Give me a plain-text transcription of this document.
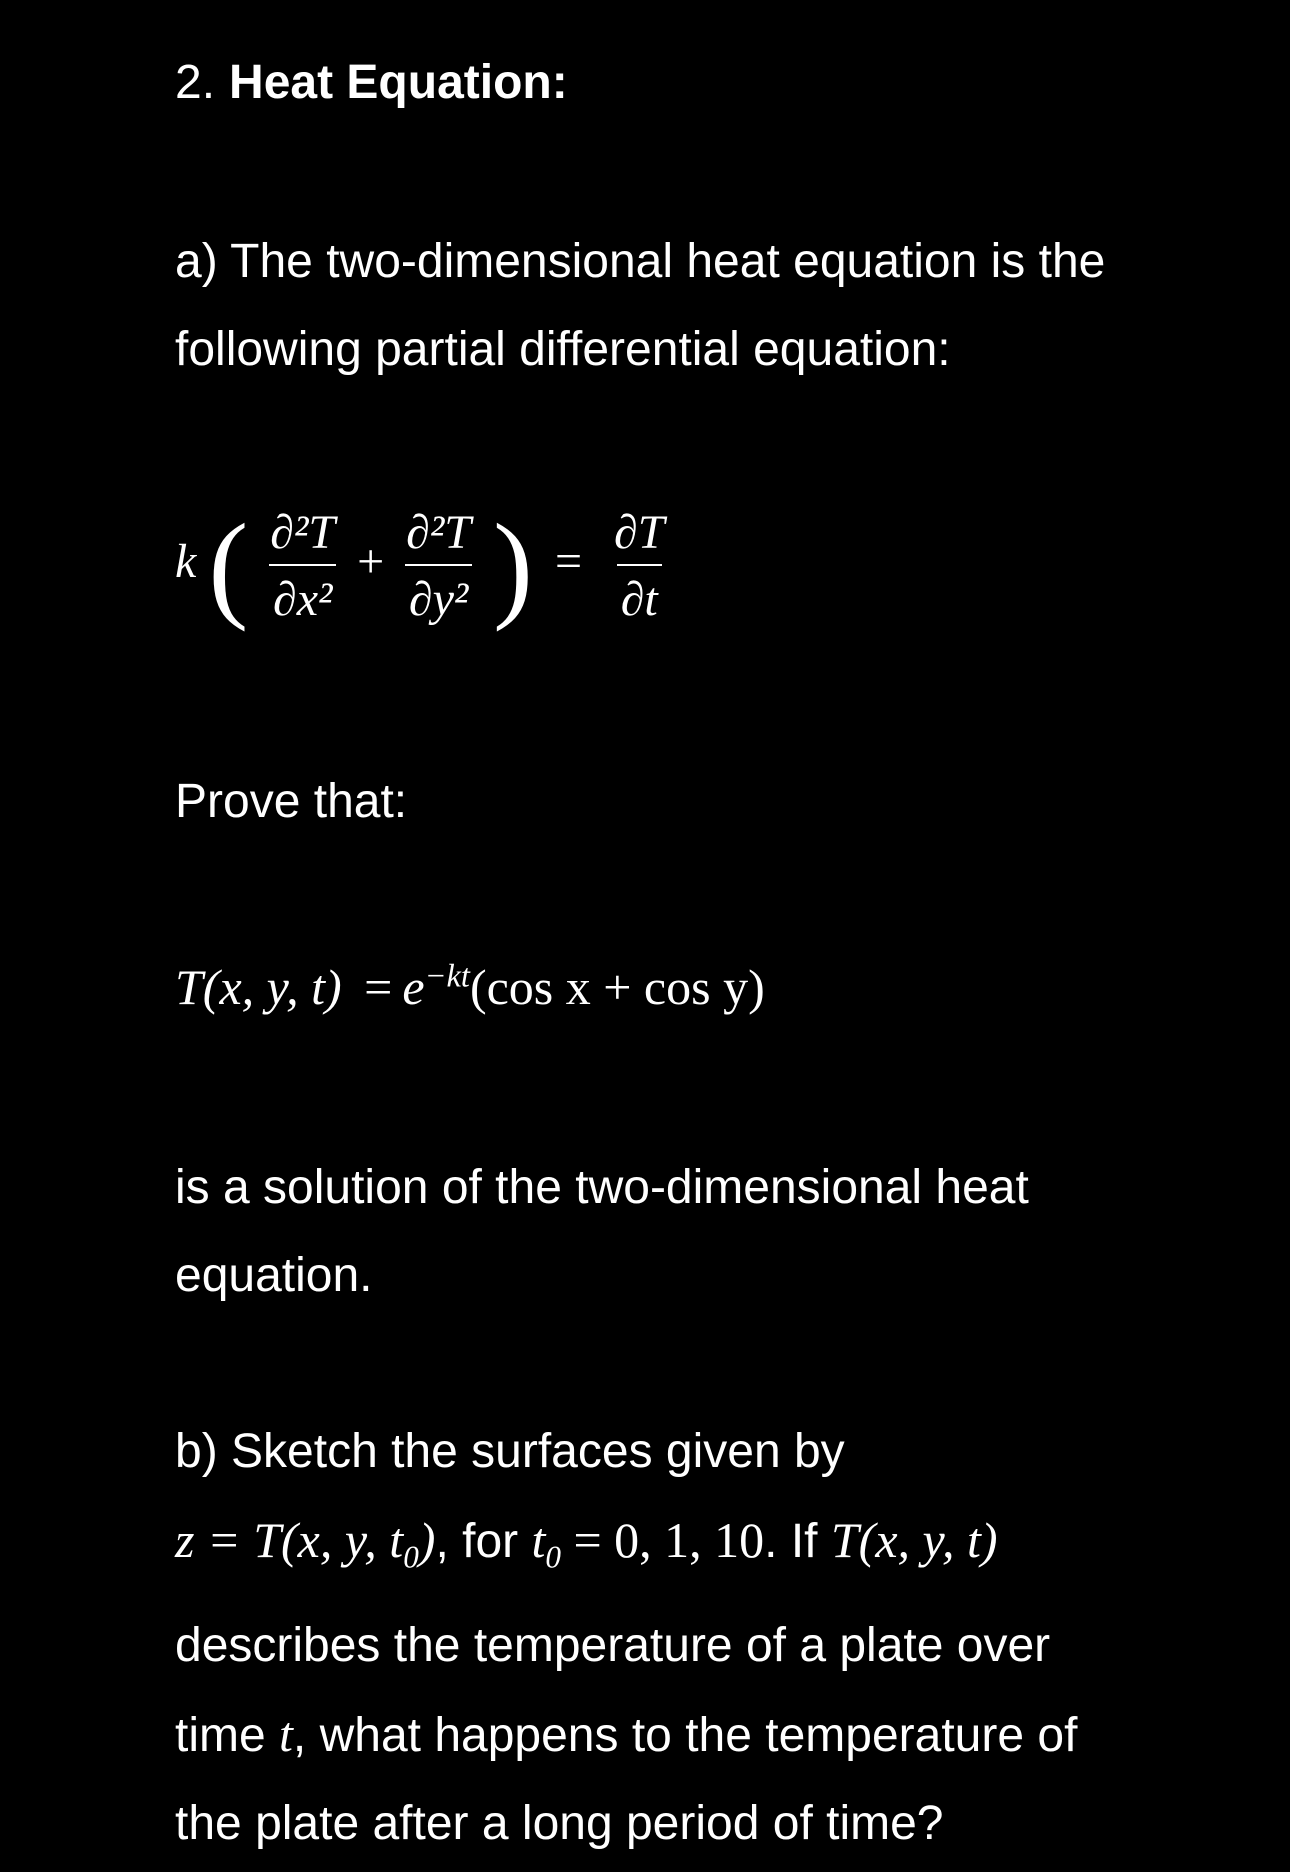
2. Heat Equation:
a) The two-dimensional heat equation is the
following partial differential equation:
k ( $\frac{\text{∂²T}}{\text{∂x²}} + \frac{\text{∂²T}}{\text{∂y²}}$ ) = $\frac{\partial T}{\partial t}$
Prove that:
T(x, y, $t) = e^{-kt}(\cos$ x + cos y)
is a solution of the two-dimensional heat
equation.
b) Sketch the surfaces given by
z = T(x, y, $t_0$), for $t_0 = 0$, 1, 10. If T(x, y, t)
describes the temperature of a plate over
time t, what happens to the temperature of
the plate after a long period of time?
